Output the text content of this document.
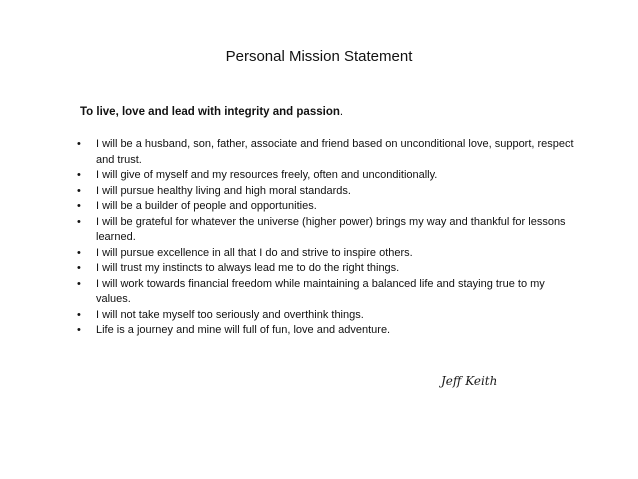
Personal Mission Statement
To live, love and lead with integrity and passion.
•	I will be a husband, son, father, associate and friend based on unconditional love, support, respect and trust.
•	I will give of myself and my resources freely, often and unconditionally.
•	I will pursue healthy living and high moral standards.
•	I will be a builder of people and opportunities.
•	I will be grateful for whatever the universe (higher power) brings my way and thankful for lessons learned.
•	I will pursue excellence in all that I do and strive to inspire others.
•	I will trust my instincts to always lead me to do the right things.
•	I will work towards financial freedom while maintaining a balanced life and staying true to my values.
•	I will not take myself too seriously and overthink things.
•	Life is a journey and mine will full of fun, love and adventure.
Jeff Keith
